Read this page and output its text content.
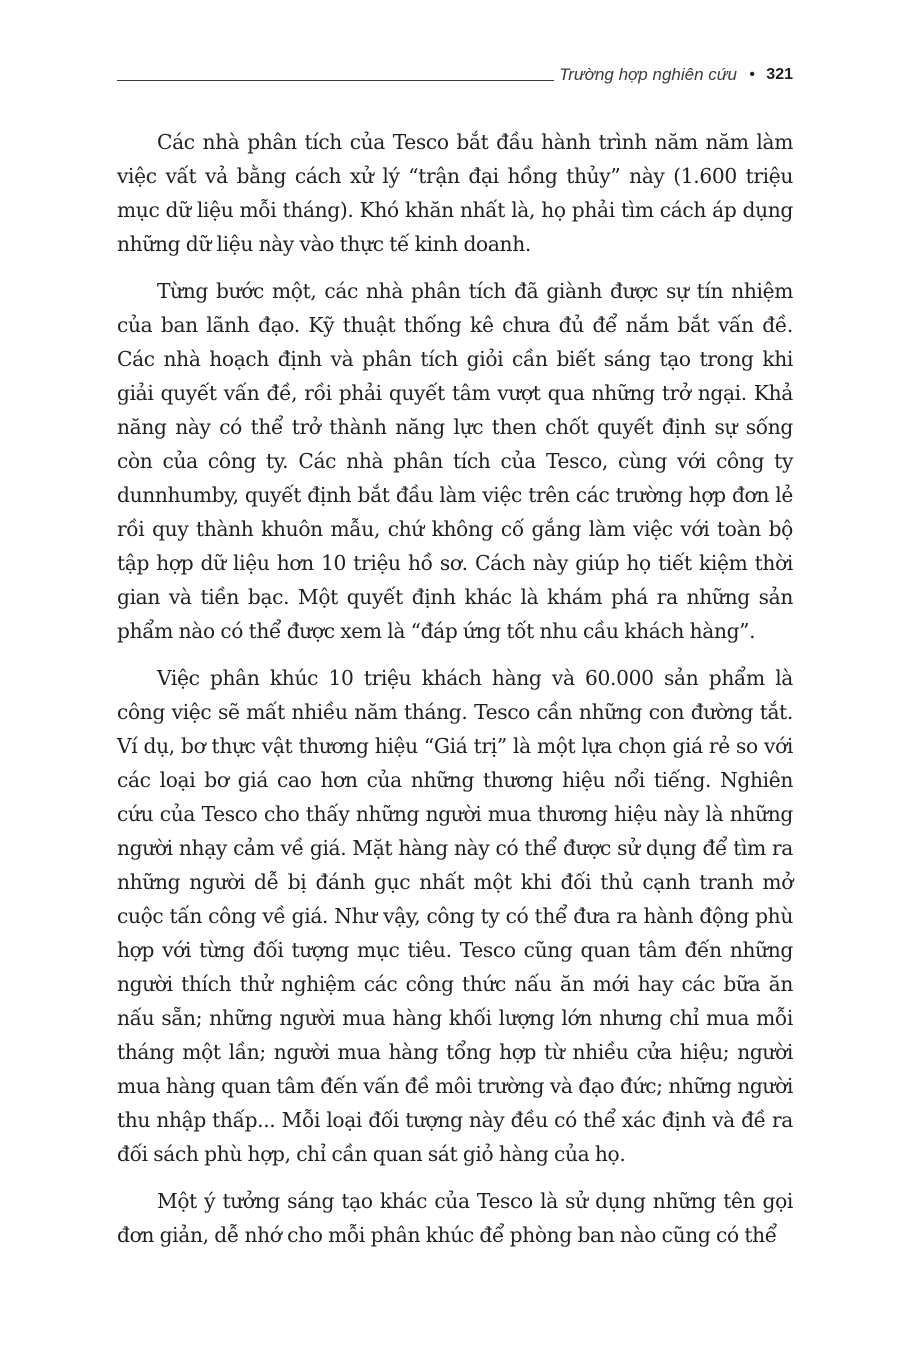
Trường hợp nghiên cứu • 321

Các nhà phân tích của Tesco bắt đầu hành trình năm năm làm việc vất vả bằng cách xử lý “trận đại hồng thủy” này (1.600 triệu mục dữ liệu mỗi tháng). Khó khăn nhất là, họ phải tìm cách áp dụng những dữ liệu này vào thực tế kinh doanh.

Từng bước một, các nhà phân tích đã giành được sự tín nhiệm của ban lãnh đạo. Kỹ thuật thống kê chưa đủ để nắm bắt vấn đề. Các nhà hoạch định và phân tích giỏi cần biết sáng tạo trong khi giải quyết vấn đề, rồi phải quyết tâm vượt qua những trở ngại. Khả năng này có thể trở thành năng lực then chốt quyết định sự sống còn của công ty. Các nhà phân tích của Tesco, cùng với công ty dunnhumby, quyết định bắt đầu làm việc trên các trường hợp đơn lẻ rồi quy thành khuôn mẫu, chứ không cố gắng làm việc với toàn bộ tập hợp dữ liệu hơn 10 triệu hồ sơ. Cách này giúp họ tiết kiệm thời gian và tiền bạc. Một quyết định khác là khám phá ra những sản phẩm nào có thể được xem là “đáp ứng tốt nhu cầu khách hàng”.

Việc phân khúc 10 triệu khách hàng và 60.000 sản phẩm là công việc sẽ mất nhiều năm tháng. Tesco cần những con đường tắt. Ví dụ, bơ thực vật thương hiệu “Giá trị” là một lựa chọn giá rẻ so với các loại bơ giá cao hơn của những thương hiệu nổi tiếng. Nghiên cứu của Tesco cho thấy những người mua thương hiệu này là những người nhạy cảm về giá. Mặt hàng này có thể được sử dụng để tìm ra những người dễ bị đánh gục nhất một khi đối thủ cạnh tranh mở cuộc tấn công về giá. Như vậy, công ty có thể đưa ra hành động phù hợp với từng đối tượng mục tiêu. Tesco cũng quan tâm đến những người thích thử nghiệm các công thức nấu ăn mới hay các bữa ăn nấu sẵn; những người mua hàng khối lượng lớn nhưng chỉ mua mỗi tháng một lần; người mua hàng tổng hợp từ nhiều cửa hiệu; người mua hàng quan tâm đến vấn đề môi trường và đạo đức; những người thu nhập thấp... Mỗi loại đối tượng này đều có thể xác định và đề ra đối sách phù hợp, chỉ cần quan sát giỏ hàng của họ.

Một ý tưởng sáng tạo khác của Tesco là sử dụng những tên gọi đơn giản, dễ nhớ cho mỗi phân khúc để phòng ban nào cũng có thể
